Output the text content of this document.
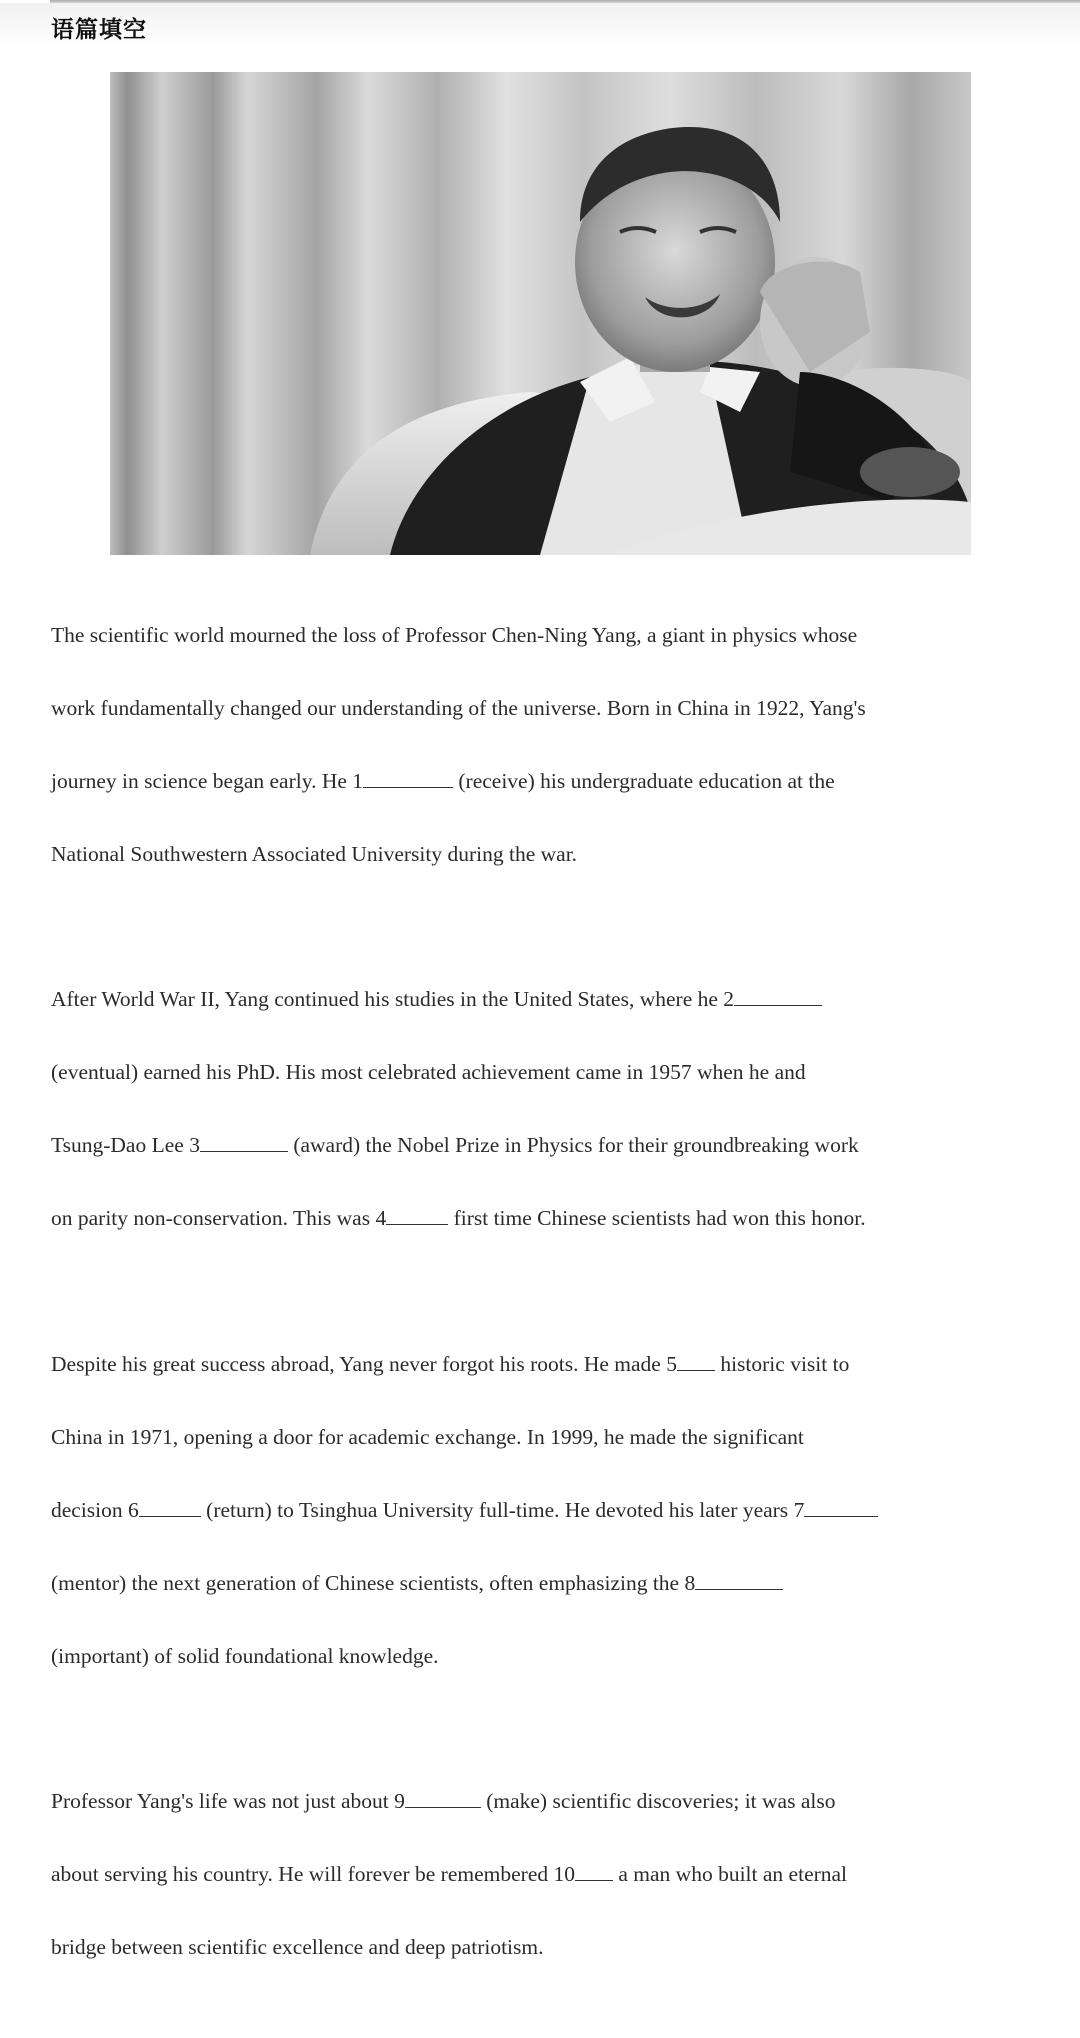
语篇填空

The scientific world mourned the loss of Professor Chen-Ning Yang, a giant in physics whose

work fundamentally changed our understanding of the universe. Born in China in 1922, Yang's

journey in science began early. He 1	(receive) his undergraduate education at the

National Southwestern Associated University during the war.

After World War II, Yang continued his studies in the United States, where he 2

(eventual) earned his PhD. His most celebrated achievement came in 1957 when he and

Tsung-Dao Lee 3	(award) the Nobel Prize in Physics for their groundbreaking work

on parity non-conservation. This was 4	first time Chinese scientists had won this honor.

Despite his great success abroad, Yang never forgot his roots. He made 5 historic visit to

China in 1971, opening a door for academic exchange. In 1999, he made the significant

decision 6	(return) to Tsinghua University full-time. He devoted his later years 7

(mentor) the next generation of Chinese scientists, often emphasizing the 8

(important) of solid foundational knowledge.

Professor Yang's life was not just about 9	(make) scientific discoveries; it was also

about serving his country. He will forever be remembered 10 a man who built an eternal

bridge between scientific excellence and deep patriotism.
